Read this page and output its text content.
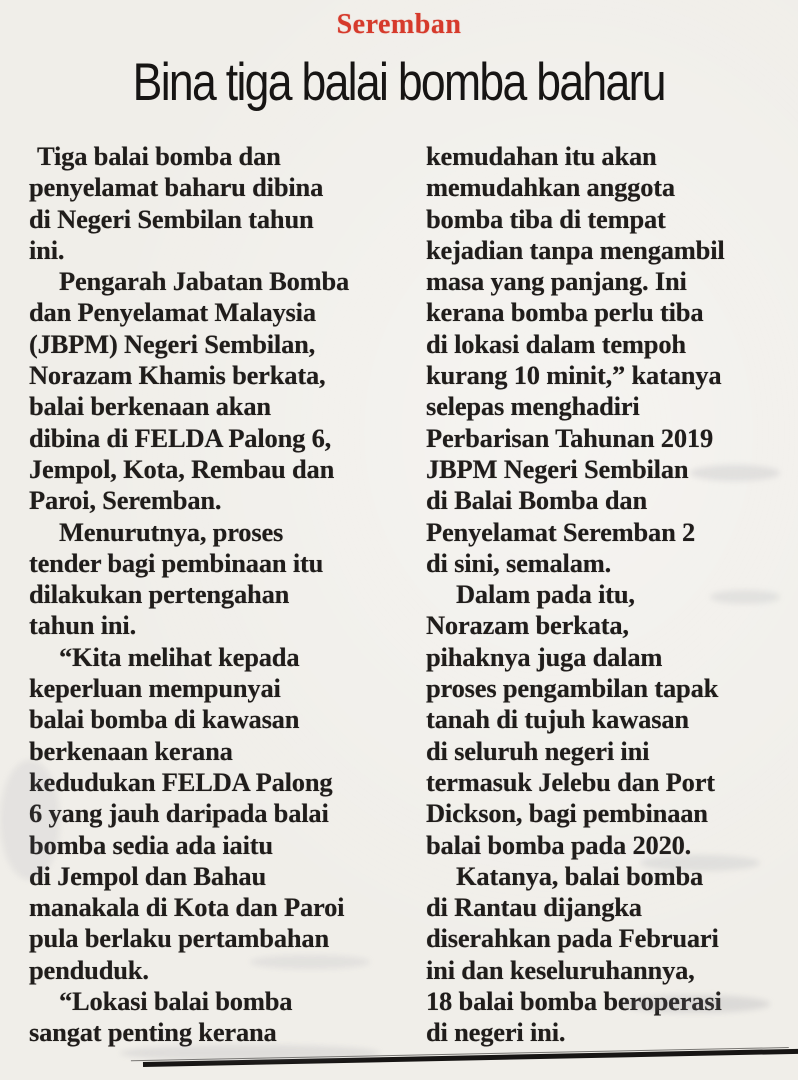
Seremban
Bina tiga balai bomba baharu
Tiga balai bomba dan
penyelamat baharu dibina
di Negeri Sembilan tahun
ini.
Pengarah Jabatan Bomba
dan Penyelamat Malaysia
(JBPM) Negeri Sembilan,
Norazam Khamis berkata,
balai berkenaan akan
dibina di FELDA Palong 6,
Jempol, Kota, Rembau dan
Paroi, Seremban.
Menurutnya, proses
tender bagi pembinaan itu
dilakukan pertengahan
tahun ini.
“Kita melihat kepada
keperluan mempunyai
balai bomba di kawasan
berkenaan kerana
kedudukan FELDA Palong
6 yang jauh daripada balai
bomba sedia ada iaitu
di Jempol dan Bahau
manakala di Kota dan Paroi
pula berlaku pertambahan
penduduk.
“Lokasi balai bomba
sangat penting kerana
kemudahan itu akan
memudahkan anggota
bomba tiba di tempat
kejadian tanpa mengambil
masa yang panjang. Ini
kerana bomba perlu tiba
di lokasi dalam tempoh
kurang 10 minit,” katanya
selepas menghadiri
Perbarisan Tahunan 2019
JBPM Negeri Sembilan
di Balai Bomba dan
Penyelamat Seremban 2
di sini, semalam.
Dalam pada itu,
Norazam berkata,
pihaknya juga dalam
proses pengambilan tapak
tanah di tujuh kawasan
di seluruh negeri ini
termasuk Jelebu dan Port
Dickson, bagi pembinaan
balai bomba pada 2020.
Katanya, balai bomba
di Rantau dijangka
diserahkan pada Februari
ini dan keseluruhannya,
18 balai bomba beroperasi
di negeri ini.
